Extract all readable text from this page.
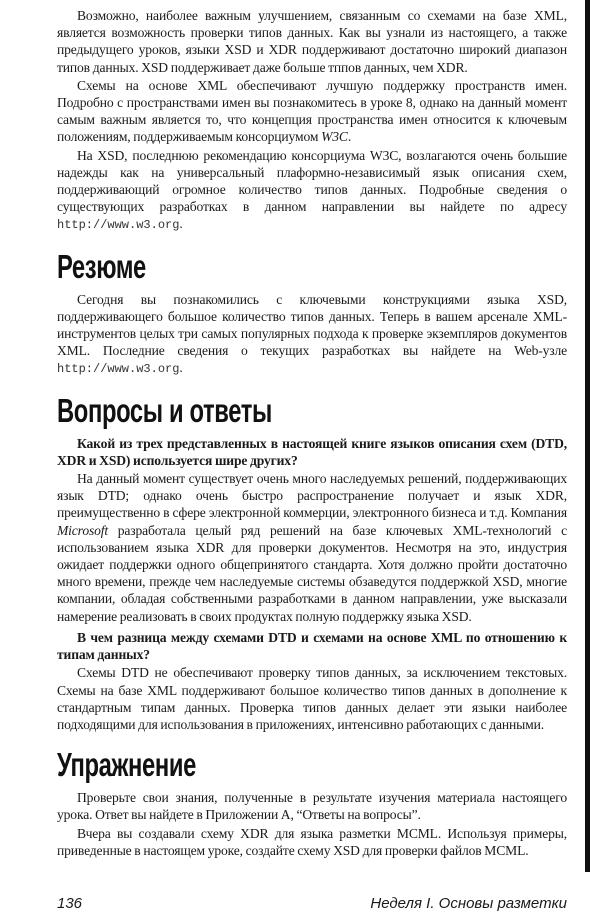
Возможно, наиболее важным улучшением, связанным со схемами на базе XML, является возможность проверки типов данных. Как вы узнали из настоящего, а также предыдущего уроков, языки XSD и XDR поддерживают достаточно широкий диапазон типов данных. XSD поддерживает даже больше тппов данных, чем XDR.

Схемы на основе XML обеспечивают лучшую поддержку пространств имен. Подробно с пространствами имен вы познакомитесь в уроке 8, однако на данный момент самым важным является то, что концепция пространства имен относится к ключевым положениям, поддерживаемым консорциумом W3C.

На XSD, последнюю рекомендацию консорциума W3C, возлагаются очень большие надежды как на универсальный плаформно-независимый язык описания схем, поддерживающий огромное количество типов данных. Подробные сведения о существующих разработках в данном направлении вы найдете по адресу http://www.w3.org.

Резюме

Сегодня вы познакомились с ключевыми конструкциями языка XSD, поддерживающего большое количество типов данных. Теперь в вашем арсенале XML-инструментов целых три самых популярных подхода к проверке экземпляров документов XML. Последние сведения о текущих разработках вы найдете на Web-узле http://www.w3.org.

Вопросы и ответы

Какой из трех представленных в настоящей книге языков описания схем (DTD, XDR и XSD) используется шире других?

На данный момент существует очень много наследуемых решений, поддерживающих язык DTD; однако очень быстро распространение получает и язык XDR, преимущественно в сфере электронной коммерции, электронного бизнеса и т.д. Компания Microsoft разработала целый ряд решений на базе ключевых XML-технологий с использованием языка XDR для проверки документов. Несмотря на это, индустрия ожидает поддержки одного общепринятого стандарта. Хотя должно пройти достаточно много времени, прежде чем наследуемые системы обзаведутся поддержкой XSD, многие компании, обладая собственными разработками в данном направлении, уже высказали намерение реализовать в своих продуктах полную поддержку языка XSD.

В чем разница между схемами DTD и схемами на основе XML по отношению к типам данных?

Схемы DTD не обеспечивают проверку типов данных, за исключением текстовых. Схемы на базе XML поддерживают большое количество типов данных в дополнение к стандартным типам данных. Проверка типов данных делает эти языки наиболее подходящими для использования в приложениях, интенсивно работающих с данными.

Упражнение

Проверьте свои знания, полученные в результате изучения материала настоящего урока. Ответ вы найдете в Приложении А, “Ответы на вопросы”.

Вчера вы создавали схему XDR для языка разметки MCML. Используя примеры, приведенные в настоящем уроке, создайте схему XSD для проверки файлов MCML.

136	Неделя I. Основы разметки
